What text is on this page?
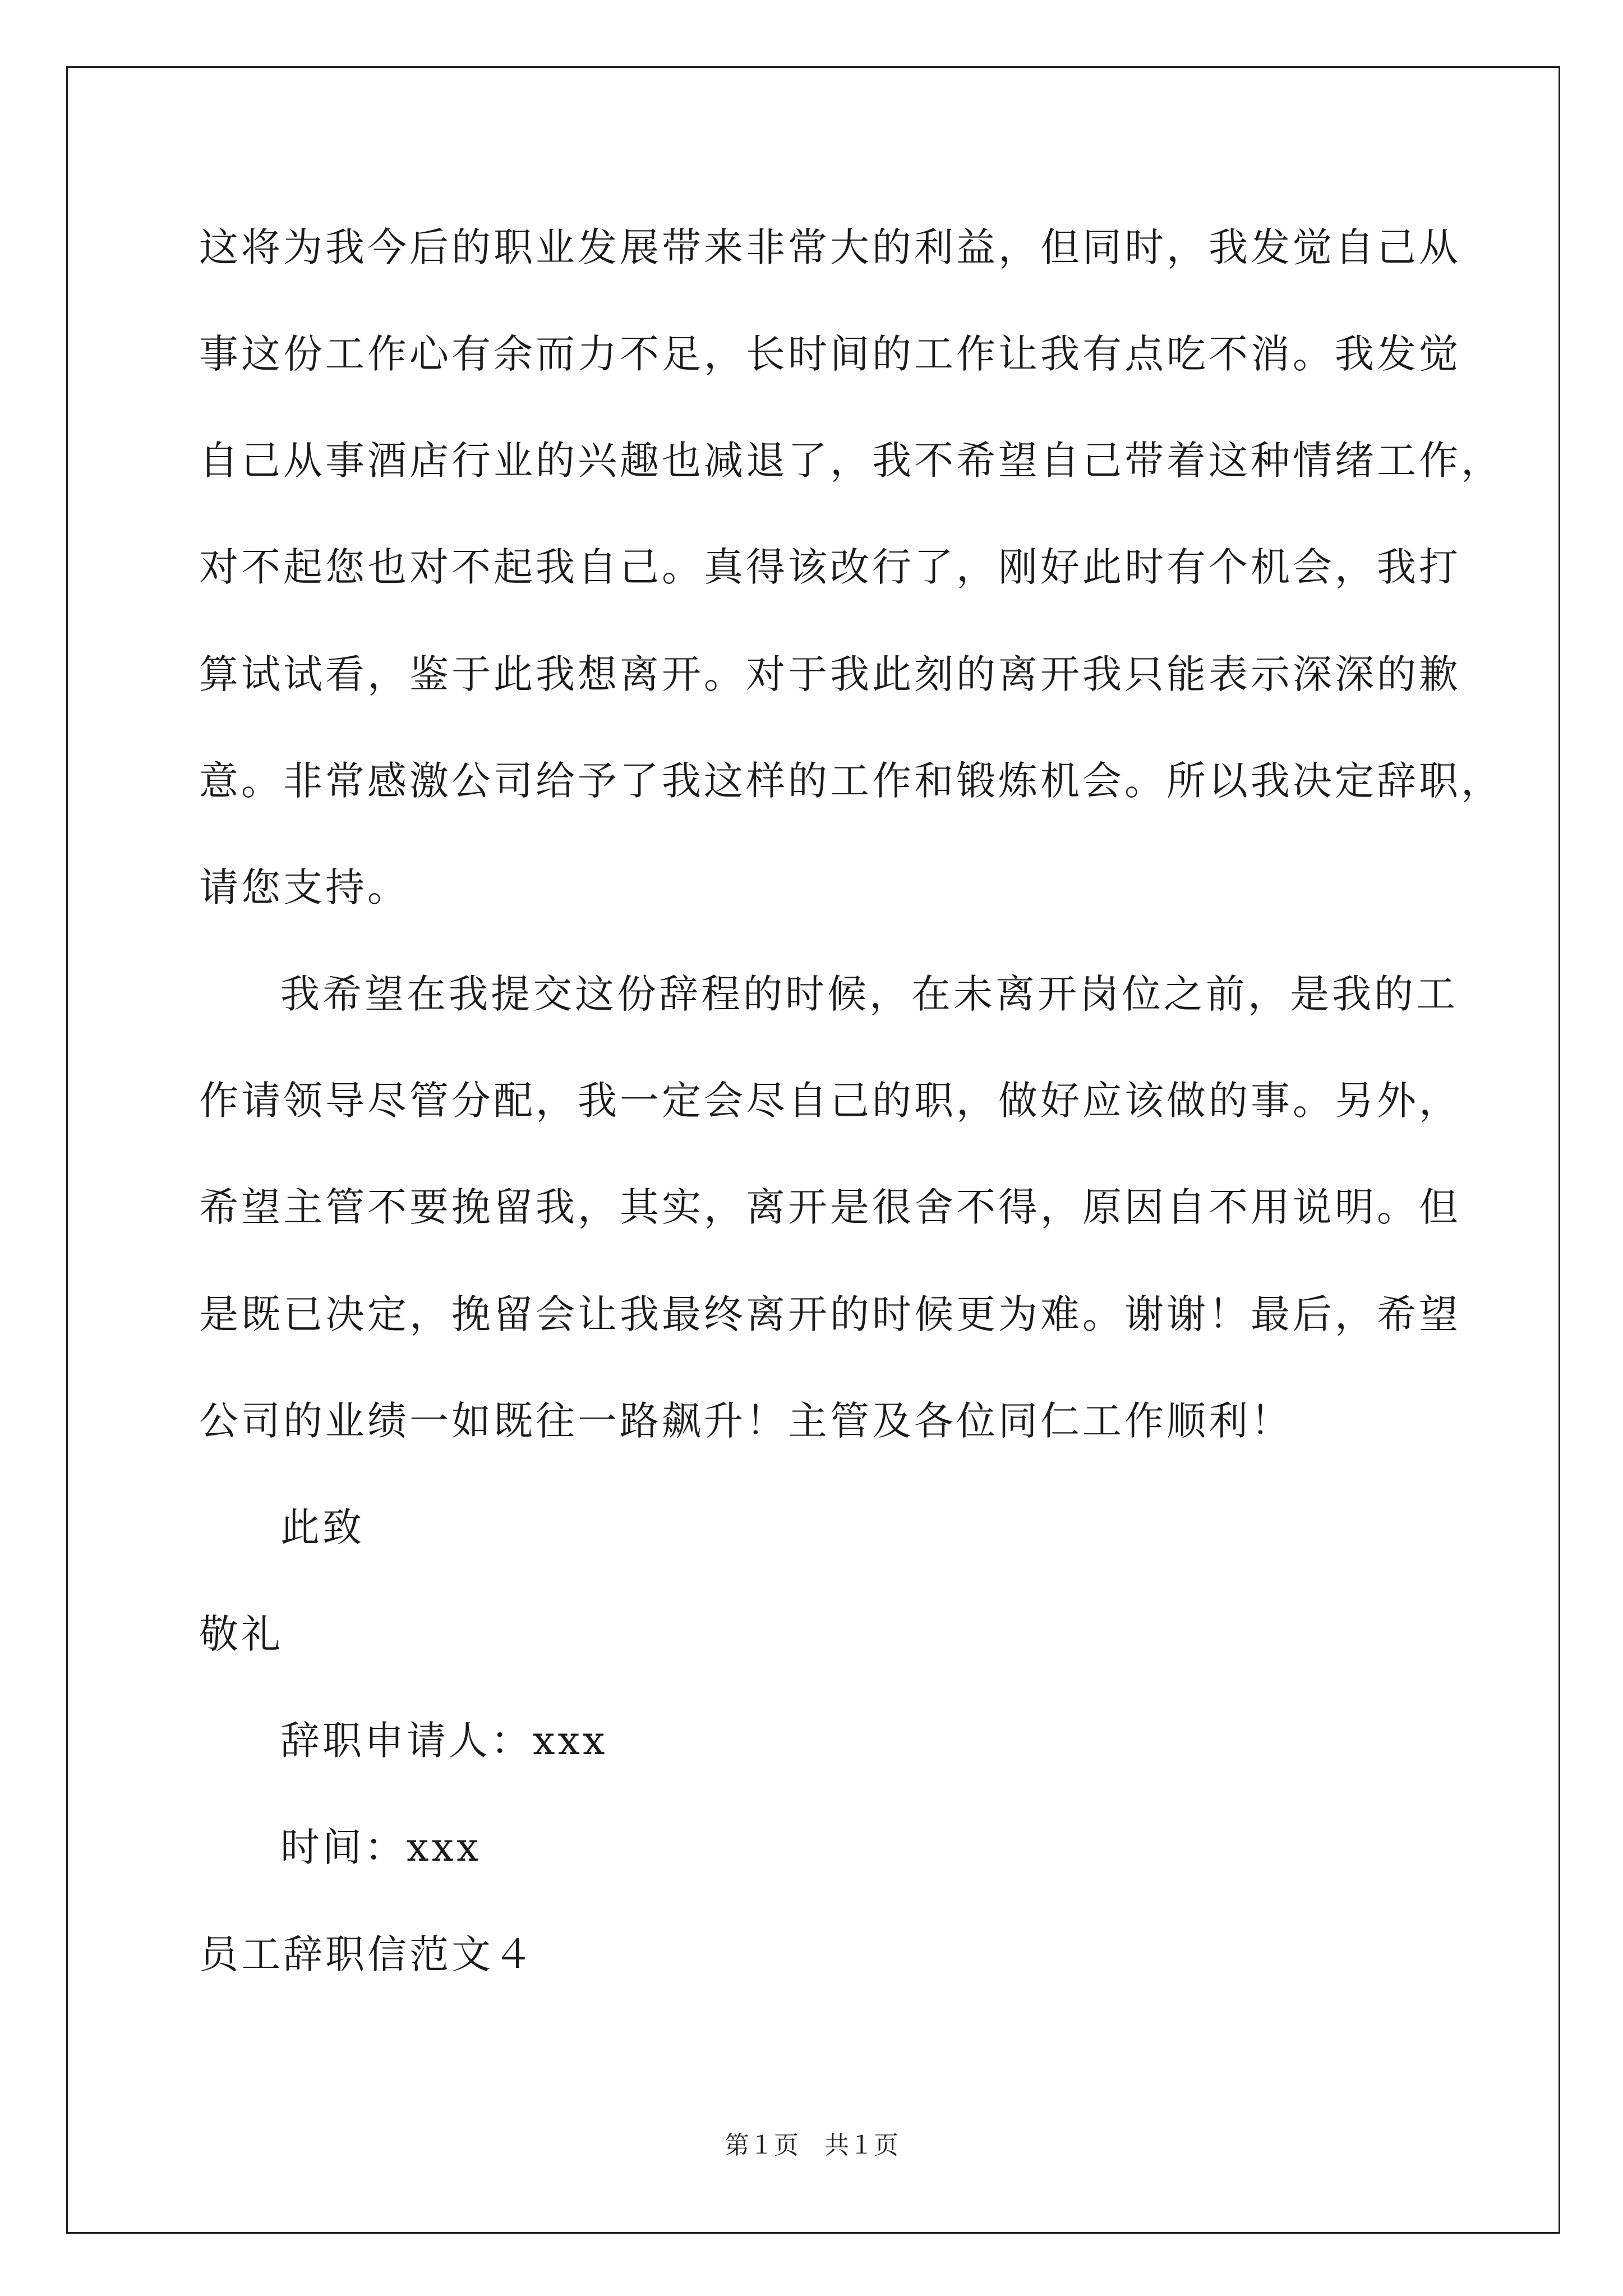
这将为我今后的职业发展带来非常大的利益，但同时，我发觉自己从
事这份工作心有余而力不足，长时间的工作让我有点吃不消。我发觉
自己从事酒店行业的兴趣也减退了，我不希望自己带着这种情绪工作，
对不起您也对不起我自己。真得该改行了，刚好此时有个机会，我打
算试试看，鉴于此我想离开。对于我此刻的离开我只能表示深深的歉
意。非常感激公司给予了我这样的工作和锻炼机会。所以我决定辞职，
请您支持。
我希望在我提交这份辞程的时候，在未离开岗位之前，是我的工
作请领导尽管分配，我一定会尽自己的职，做好应该做的事。另外，
希望主管不要挽留我，其实，离开是很舍不得，原因自不用说明。但
是既已决定，挽留会让我最终离开的时候更为难。谢谢！最后，希望
公司的业绩一如既往一路飙升！主管及各位同仁工作顺利！
此致
敬礼
辞职申请人：xxx
时间：xxx
员工辞职信范文４
第１页 共１页
